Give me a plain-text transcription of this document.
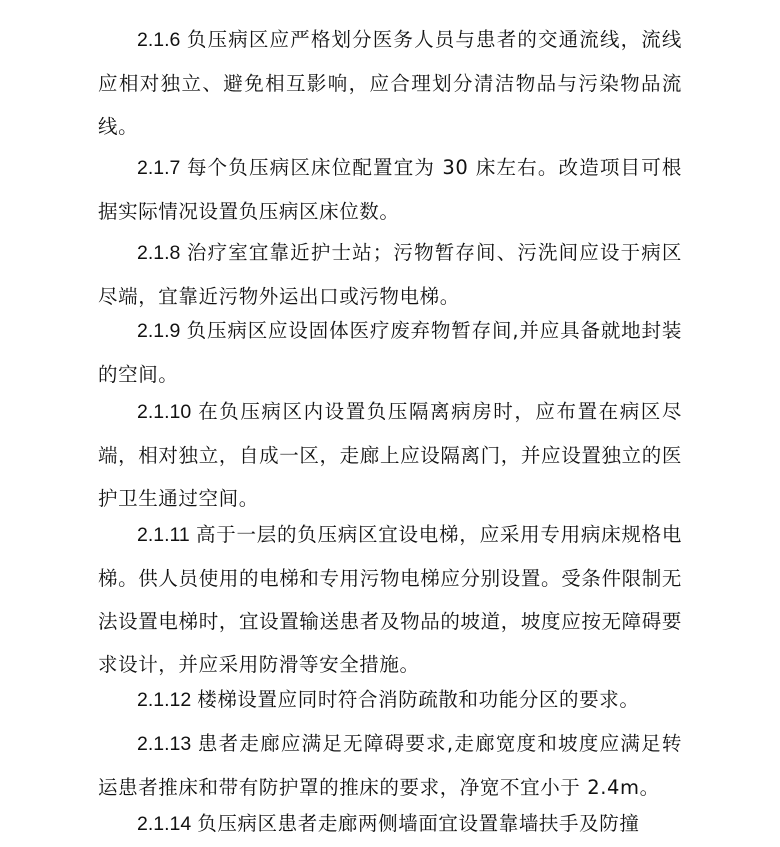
2.1.6 负压病区应严格划分医务人员与患者的交通流线，流线应相对独立、避免相互影响，应合理划分清洁物品与污染物品流线。

2.1.7 每个负压病区床位配置宜为 30 床左右。改造项目可根据实际情况设置负压病区床位数。

2.1.8 治疗室宜靠近护士站；污物暂存间、污洗间应设于病区尽端，宜靠近污物外运出口或污物电梯。

2.1.9 负压病区应设固体医疗废弃物暂存间,并应具备就地封装的空间。

2.1.10 在负压病区内设置负压隔离病房时，应布置在病区尽端，相对独立，自成一区，走廊上应设隔离门，并应设置独立的医护卫生通过空间。

2.1.11 高于一层的负压病区宜设电梯，应采用专用病床规格电梯。供人员使用的电梯和专用污物电梯应分别设置。受条件限制无法设置电梯时，宜设置输送患者及物品的坡道，坡度应按无障碍要求设计，并应采用防滑等安全措施。

2.1.12 楼梯设置应同时符合消防疏散和功能分区的要求。

2.1.13 患者走廊应满足无障碍要求,走廊宽度和坡度应满足转运患者推床和带有防护罩的推床的要求，净宽不宜小于 2.4m。

2.1.14 负压病区患者走廊两侧墙面宜设置靠墙扶手及防撞
